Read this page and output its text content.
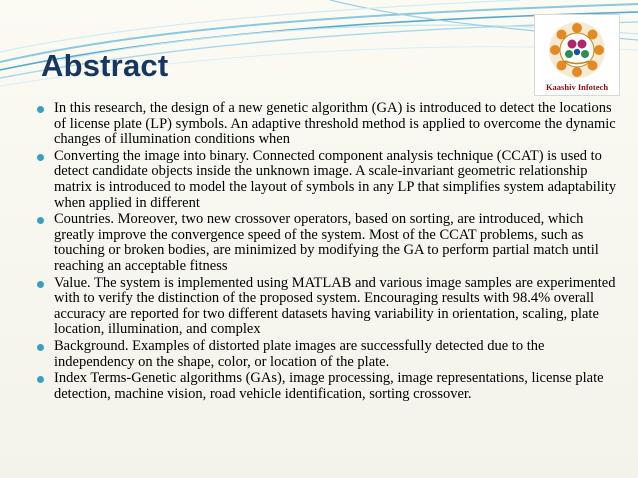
Abstract
Kaashiv Infotech
In this research, the design of a new genetic algorithm (GA) is introduced to detect the locations of license plate (LP) symbols. An adaptive threshold method is applied to overcome the dynamic changes of illumination conditions when
Converting the image into binary. Connected component analysis technique (CCAT) is used to detect candidate objects inside the unknown image. A scale-invariant geometric relationship matrix is introduced to model the layout of symbols in any LP that simplifies system adaptability when applied in different
Countries. Moreover, two new crossover operators, based on sorting, are introduced, which greatly improve the convergence speed of the system. Most of the CCAT problems, such as touching or broken bodies, are minimized by modifying the GA to perform partial match until reaching an acceptable fitness
Value. The system is implemented using MATLAB and various image samples are experimented with to verify the distinction of the proposed system. Encouraging results with 98.4% overall accuracy are reported for two different datasets having variability in orientation, scaling, plate location, illumination, and complex
Background. Examples of distorted plate images are successfully detected due to the independency on the shape, color, or location of the plate.
Index Terms-Genetic algorithms (GAs), image processing, image representations, license plate detection, machine vision, road vehicle identification, sorting crossover.
